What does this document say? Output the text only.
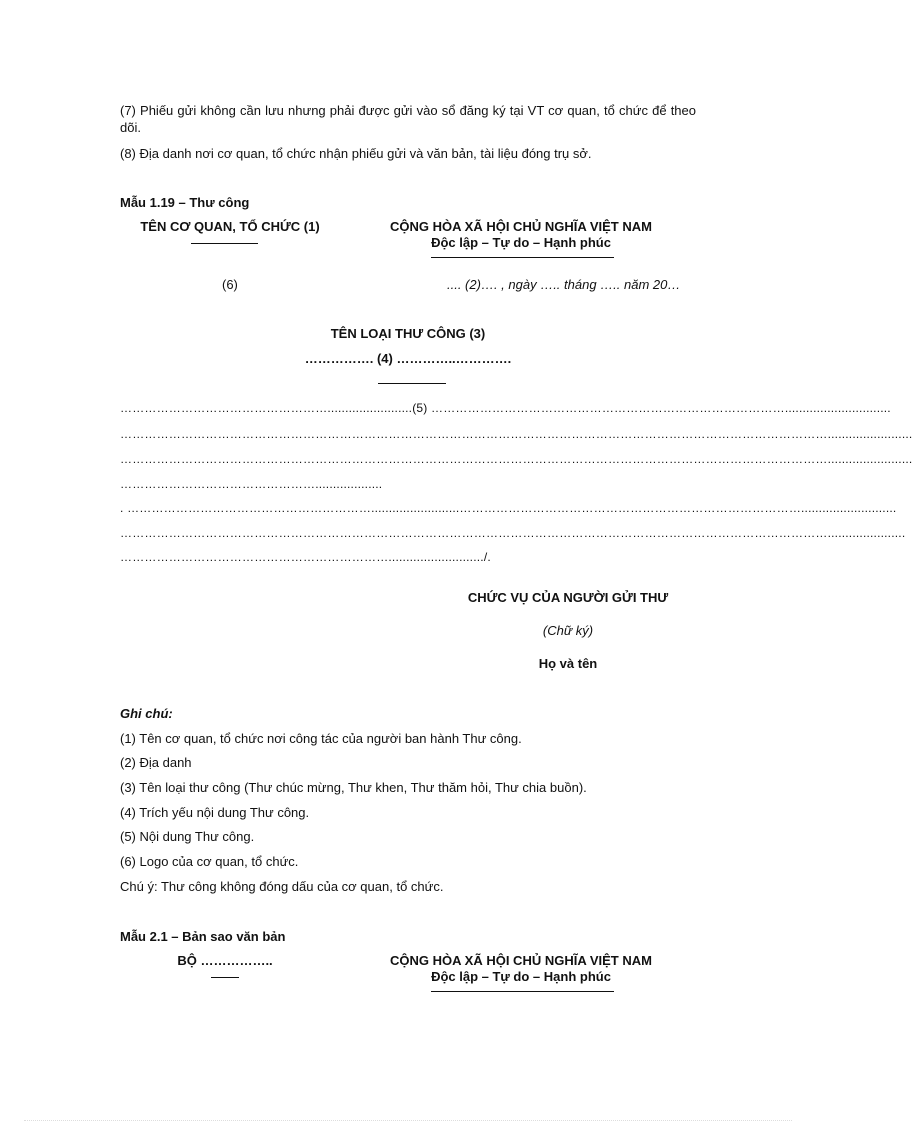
(7) Phiếu gửi không cần lưu nhưng phải được gửi vào sổ đăng ký tại VT cơ quan, tổ chức để theo dõi.
(8) Địa danh nơi cơ quan, tổ chức nhận phiếu gửi và văn bản, tài liệu đóng trụ sở.
Mẫu 1.19 – Thư công
TÊN CƠ QUAN, TỔ CHỨC (1)	CỘNG HÒA XÃ HỘI CHỦ NGHĨA VIỆT NAM
Độc lập – Tự do – Hạnh phúc
(6)	.... (2)…. , ngày ….. tháng ….. năm 20…
TÊN LOẠI THƯ CÔNG (3)
……………. (4) …………..………….
……………………………………………........................(5) ……………………………………………………………………………..............................
…………………………………………………………………………………………………………………………………………………………........................
…………………………………………………………………………………………………………………………………………………………........................
…………………………………………...................
. …………………………………………………….........................…………………………………………………………………………...........................
…………………………………………………………………………………………………………………………………………………………......................
………………………………………………………….........................../.
CHỨC VỤ CỦA NGƯỜI GỬI THƯ
(Chữ ký)
Họ và tên
Ghi chú:
(1) Tên cơ quan, tổ chức nơi công tác của người ban hành Thư công.
(2) Địa danh
(3) Tên loại thư công (Thư chúc mừng, Thư khen, Thư thăm hỏi, Thư chia buồn).
(4) Trích yếu nội dung Thư công.
(5) Nội dung Thư công.
(6) Logo của cơ quan, tổ chức.
Chú ý: Thư công không đóng dấu của cơ quan, tổ chức.
Mẫu 2.1 – Bản sao văn bản
BỘ ……………..	CỘNG HÒA XÃ HỘI CHỦ NGHĨA VIỆT NAM
Độc lập – Tự do – Hạnh phúc
